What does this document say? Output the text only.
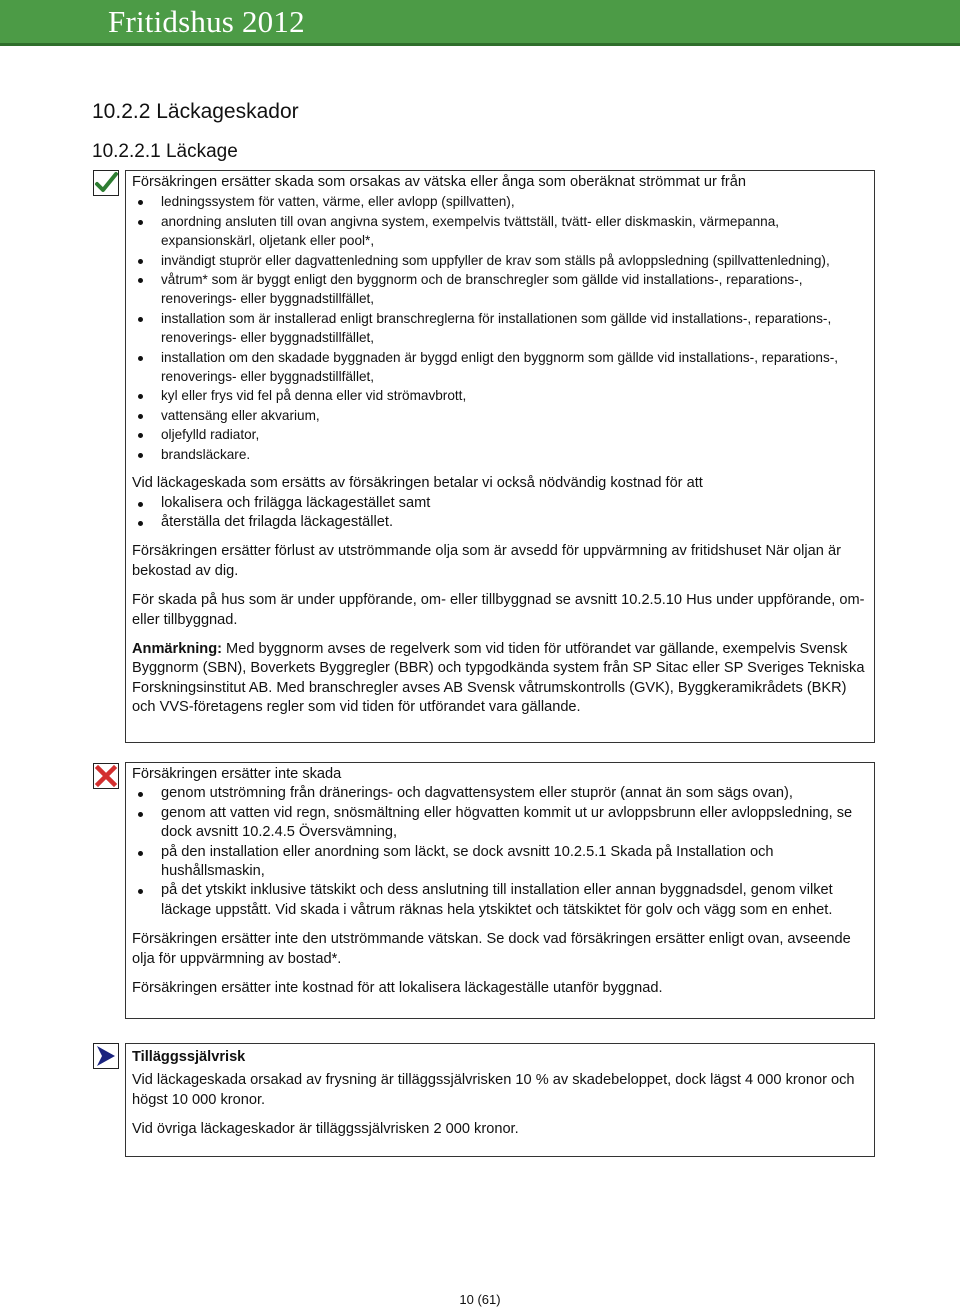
Fritidshus 2012
10.2.2 Läckageskador
10.2.2.1 Läckage

Försäkringen ersätter skada som orsakas av vätska eller ånga som oberäknat strömmat ur från

ledningssystem för vatten, värme, eller avlopp (spillvatten),
anordning ansluten till ovan angivna system, exempelvis tvättställ, tvätt- eller diskmaskin, värmepanna, expansionskärl, oljetank eller pool*,
invändigt stuprör eller dagvattenledning som uppfyller de krav som ställs på avloppsledning (spillvattenledning),
våtrum* som är byggt enligt den byggnorm och de branschregler som gällde vid installations-, reparations-, renoverings- eller byggnadstillfället,
installation som är installerad enligt branschreglerna för installationen som gällde vid installations-, reparations-, renoverings- eller byggnadstillfället,
installation om den skadade byggnaden är byggd enligt den byggnorm som gällde vid installations-, reparations-, renoverings- eller byggnadstillfället,
kyl eller frys vid fel på denna eller vid strömavbrott,
vattensäng eller akvarium,
oljefylld radiator,
brandsläckare.

Vid läckageskada som ersätts av försäkringen betalar vi också nödvändig kostnad för att

lokalisera och frilägga läckagestället samt
återställa det frilagda läckagestället.

Försäkringen ersätter förlust av utströmmande olja som är avsedd för uppvärmning av fritidshuset När oljan är bekostad av dig.

För skada på hus som är under uppförande, om- eller tillbyggnad se avsnitt 10.2.5.10 Hus under uppförande, om- eller tillbyggnad.

Anmärkning: Med byggnorm avses de regelverk som vid tiden för utförandet var gällande, exempelvis Svensk Byggnorm (SBN), Boverkets Byggregler (BBR) och typgodkända system från SP Sitac eller SP Sveriges Tekniska Forskningsinstitut AB. Med branschregler avses AB Svensk våtrumskontrolls (GVK), Byggkeramikrådets (BKR) och VVS-företagens regler som vid tiden för utförandet vara gällande.

Försäkringen ersätter inte skada

genom utströmning från dränerings- och dagvattensystem eller stuprör (annat än som sägs ovan),
genom att vatten vid regn, snösmältning eller högvatten kommit ut ur avloppsbrunn eller avloppsledning, se dock avsnitt 10.2.4.5 Översvämning,
på den installation eller anordning som läckt, se dock avsnitt 10.2.5.1 Skada på Installation och hushållsmaskin,
på det ytskikt inklusive tätskikt och dess anslutning till installation eller annan byggnadsdel, genom vilket läckage uppstått. Vid skada i våtrum räknas hela ytskiktet och tätskiktet för golv och vägg som en enhet.

Försäkringen ersätter inte den utströmmande vätskan. Se dock vad försäkringen ersätter enligt ovan, avseende olja för uppvärmning av bostad*.

Försäkringen ersätter inte kostnad för att lokalisera läckageställe utanför byggnad.

Tilläggssjälvrisk

Vid läckageskada orsakad av frysning är tilläggssjälvrisken 10 % av skadebeloppet, dock lägst 4 000 kronor och högst 10 000 kronor.

Vid övriga läckageskador är tilläggssjälvrisken 2 000 kronor.

10 (61)
